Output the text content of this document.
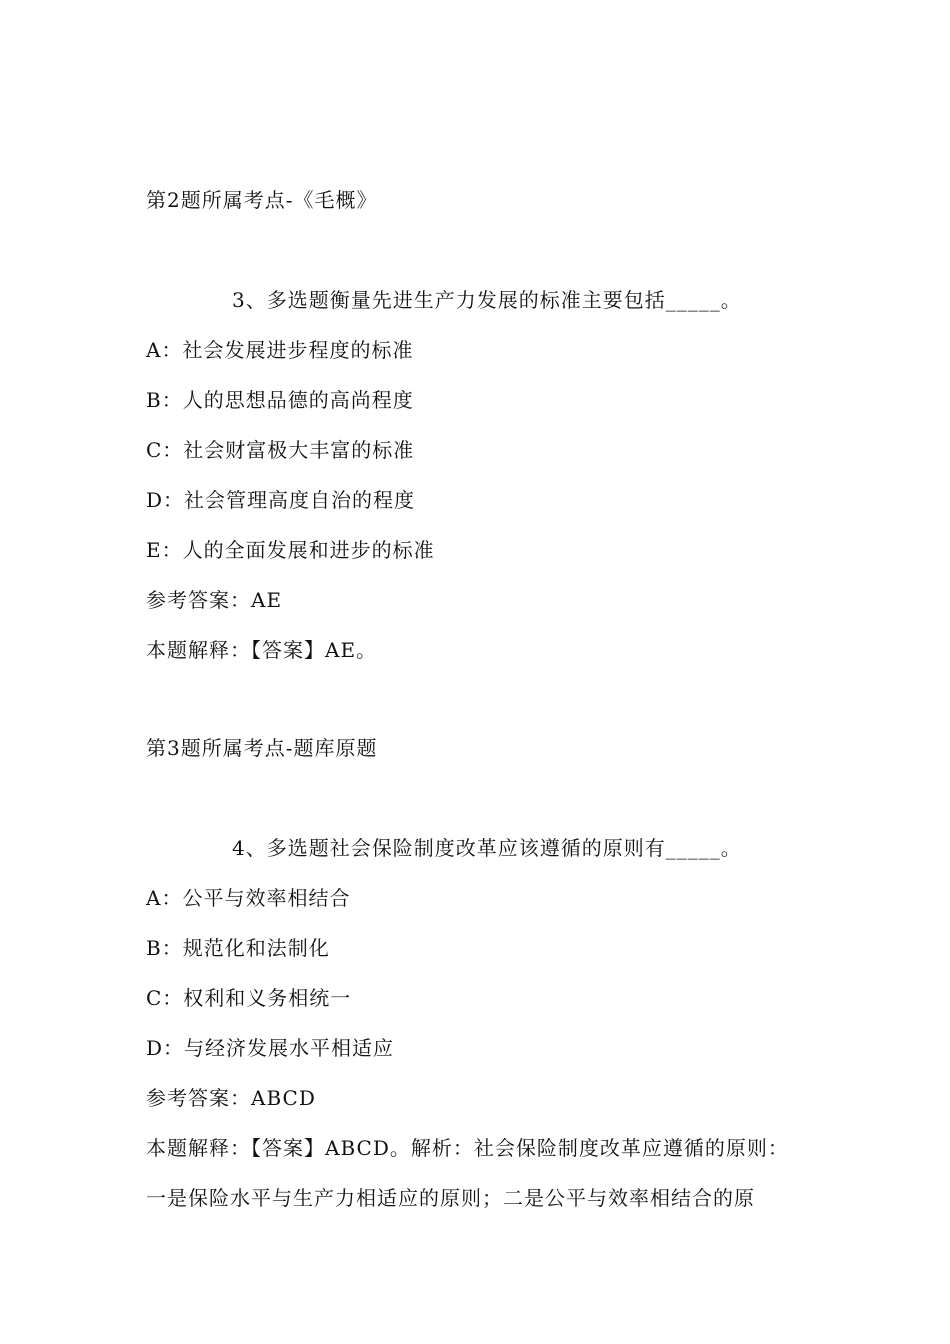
第2题所属考点-《毛概》
3、多选题衡量先进生产力发展的标准主要包括_____。
A：社会发展进步程度的标准
B：人的思想品德的高尚程度
C：社会财富极大丰富的标准
D：社会管理高度自治的程度
E：人的全面发展和进步的标准
参考答案：AE
本题解释：【答案】AE。
第3题所属考点-题库原题
4、多选题社会保险制度改革应该遵循的原则有_____。
A：公平与效率相结合
B：规范化和法制化
C：权利和义务相统一
D：与经济发展水平相适应
参考答案：ABCD
本题解释：【答案】ABCD。解析：社会保险制度改革应遵循的原则：
一是保险水平与生产力相适应的原则；二是公平与效率相结合的原
